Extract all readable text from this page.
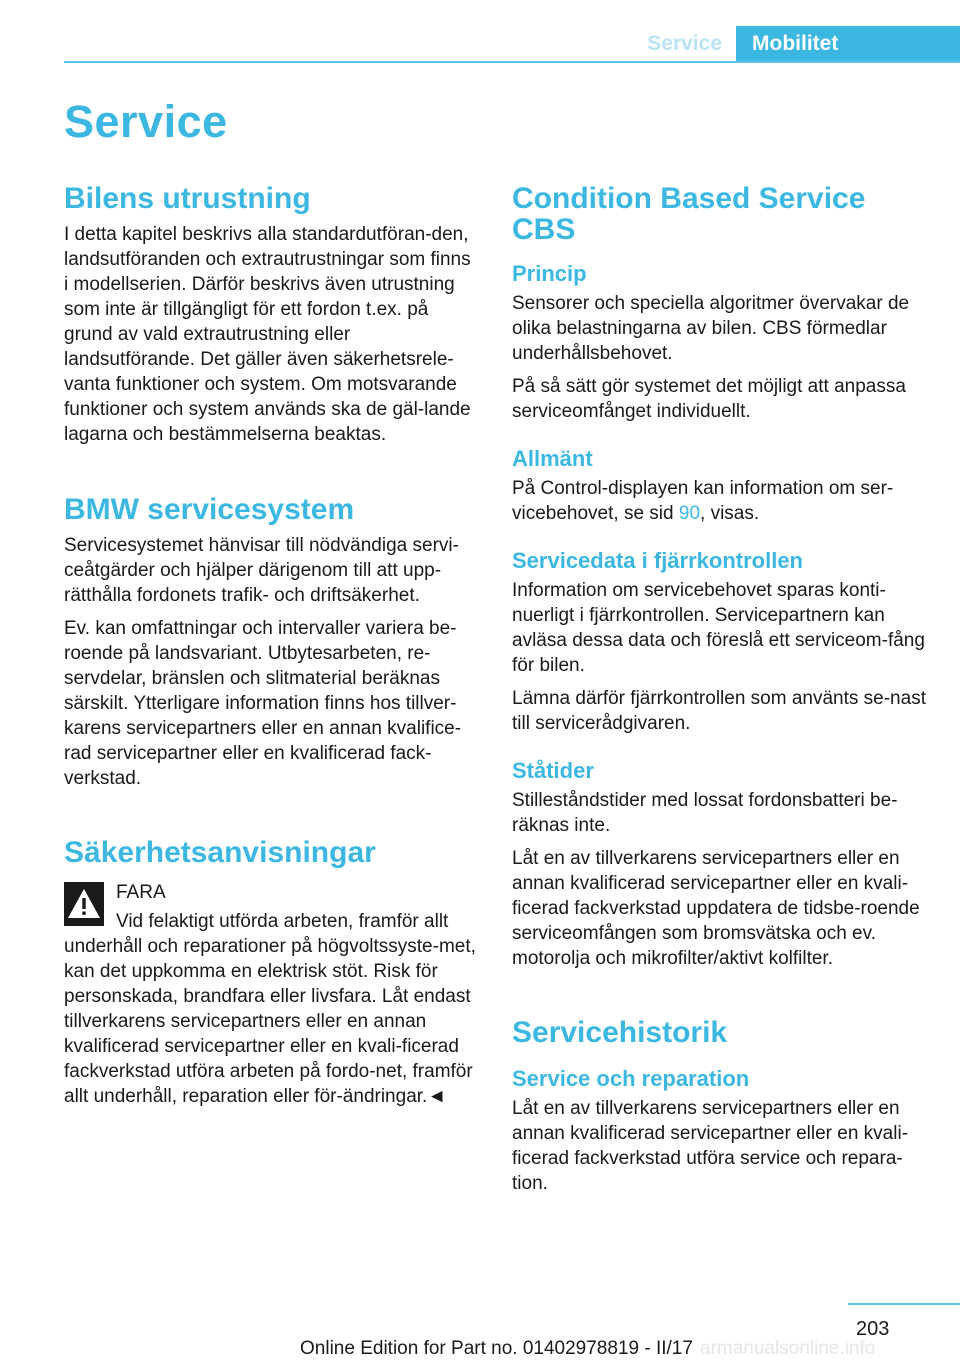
Service	Mobilitet
Service
Bilens utrustning

I detta kapitel beskrivs alla standardutföran-den, landsutföranden och extrautrustningar som finns i modellserien. Därför beskrivs även utrustning som inte är tillgängligt för ett fordon t.ex. på grund av vald extrautrustning eller landsutförande. Det gäller även säkerhetsrele-vanta funktioner och system. Om motsvarande funktioner och system används ska de gäl-lande lagarna och bestämmelserna beaktas.

BMW servicesystem

Servicesystemet hänvisar till nödvändiga servi-ceåtgärder och hjälper därigenom till att upp-rätthålla fordonets trafik- och driftsäkerhet.

Ev. kan omfattningar och intervaller variera be-roende på landsvariant. Utbytesarbeten, re-servdelar, bränslen och slitmaterial beräknas särskilt. Ytterligare information finns hos tillver-karens servicepartners eller en annan kvalifice-rad servicepartner eller en kvalificerad fack-verkstad.

Säkerhetsanvisningar

FARA

Vid felaktigt utförda arbeten, framför allt

underhåll och reparationer på högvoltssyste-met, kan det uppkomma en elektrisk stöt. Risk för personskada, brandfara eller livsfara. Låt endast tillverkarens servicepartners eller en annan kvalificerad servicepartner eller en kvali-ficerad fackverkstad utföra arbeten på fordo-net, framför allt underhåll, reparation eller för-ändringar.◄

Condition Based Service CBS
Princip

Sensorer och speciella algoritmer övervakar de olika belastningarna av bilen. CBS förmedlar underhållsbehovet.

På så sätt gör systemet det möjligt att anpassa serviceomfånget individuellt.

Allmänt

På Control-displayen kan information om ser-vicebehovet, se sid 90, visas.

Servicedata i fjärrkontrollen

Information om servicebehovet sparas konti-nuerligt i fjärrkontrollen. Servicepartnern kan avläsa dessa data och föreslå ett serviceom-fång för bilen.

Lämna därför fjärrkontrollen som använts se-nast till servicerådgivaren.

Ståtider

Stilleståndstider med lossat fordonsbatteri be-räknas inte.

Låt en av tillverkarens servicepartners eller en annan kvalificerad servicepartner eller en kvali-ficerad fackverkstad uppdatera de tidsbe-roende serviceomfången som bromsvätska och ev. motorolja och mikrofilter/aktivt kolfilter.

Servicehistorik
Service och reparation

Låt en av tillverkarens servicepartners eller en annan kvalificerad servicepartner eller en kvali-ficerad fackverkstad utföra service och repara-tion.

203
Online Edition for Part no. 01402978819 - II/17 armanualsonline.info
